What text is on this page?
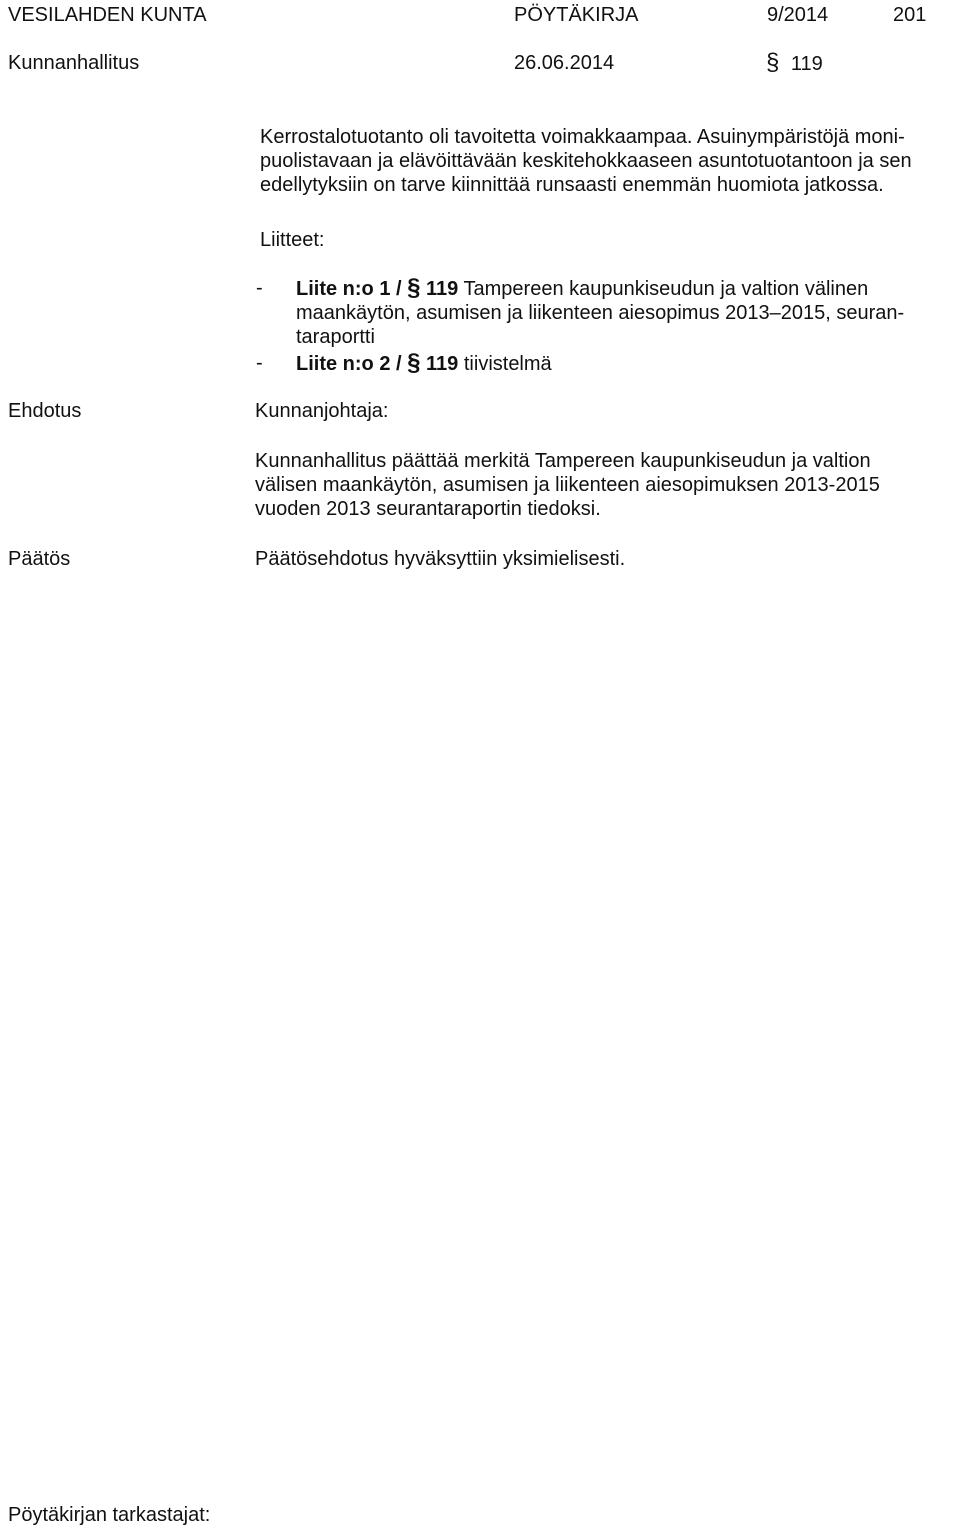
VESILAHDEN KUNTA	PÖYTÄKIRJA	9/2014	201
Kunnanhallitus	26.06.2014	§ 119
Kerrostalotuotanto oli tavoitetta voimakkaampaa. Asuinympäristöjä moni-
puolistavaan ja elävöittävään keskitehokkaaseen asuntotuotantoon ja sen
edellytyksiin on tarve kiinnittää runsaasti enemmän huomiota jatkossa.
Liitteet:
- Liite n:o 1 / § 119 Tampereen kaupunkiseudun ja valtion välinen
maankäytön, asumisen ja liikenteen aiesopimus 2013–2015, seuran-
taraportti
- Liite n:o 2 / § 119 tiivistelmä
Ehdotus	Kunnanjohtaja:
Kunnanhallitus päättää merkitä Tampereen kaupunkiseudun ja valtion
välisen maankäytön, asumisen ja liikenteen aiesopimuksen 2013-2015
vuoden 2013 seurantaraportin tiedoksi.
Päätös	Päätösehdotus hyväksyttiin yksimielisesti.
Pöytäkirjan tarkastajat:
